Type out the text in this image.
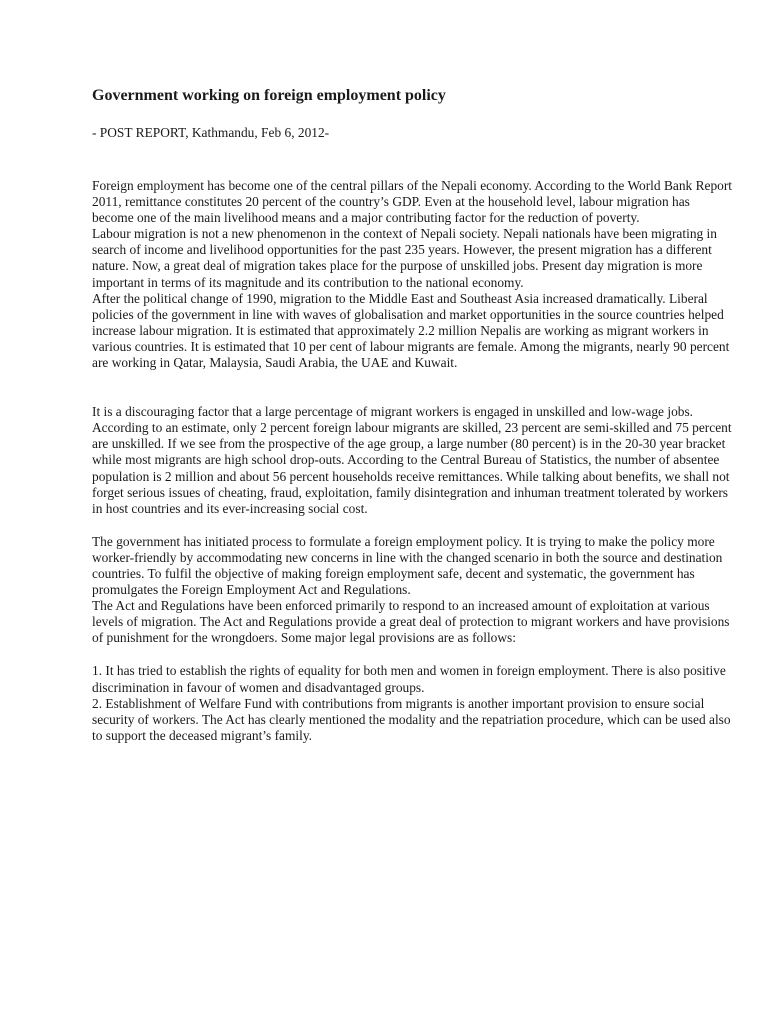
Government working on foreign employment policy

- POST REPORT, Kathmandu, Feb 6, 2012-

Foreign employment has become one of the central pillars of the Nepali economy. According to the World Bank Report 2011, remittance constitutes 20 percent of the country’s GDP. Even at the household level, labour migration has become one of the main livelihood means and a major contributing factor for the reduction of poverty.

Labour migration is not a new phenomenon in the context of Nepali society. Nepali nationals have been migrating in search of income and livelihood opportunities for the past 235 years. However, the present migration has a different nature. Now, a great deal of migration takes place for the purpose of unskilled jobs. Present day migration is more important in terms of its magnitude and its contribution to the national economy.

After the political change of 1990, migration to the Middle East and Southeast Asia increased dramatically. Liberal policies of the government in line with waves of globalisation and market opportunities in the source countries helped increase labour migration. It is estimated that approximately 2.2 million Nepalis are working as migrant workers in various countries. It is estimated that 10 per cent of labour migrants are female. Among the migrants, nearly 90 percent are working in Qatar, Malaysia, Saudi Arabia, the UAE and Kuwait.

It is a discouraging factor that a large percentage of migrant workers is engaged in unskilled and low-wage jobs. According to an estimate, only 2 percent foreign labour migrants are skilled, 23 percent are semi-skilled and 75 percent are unskilled. If we see from the prospective of the age group, a large number (80 percent) is in the 20-30 year bracket while most migrants are high school drop-outs. According to the Central Bureau of Statistics, the number of absentee population is 2 million and about 56 percent households receive remittances. While talking about benefits, we shall not forget serious issues of cheating, fraud, exploitation, family disintegration and inhuman treatment tolerated by workers in host countries and its ever-increasing social cost.

The government has initiated process to formulate a foreign employment policy. It is trying to make the policy more worker-friendly by accommodating new concerns in line with the changed scenario in both the source and destination countries. To fulfil the objective of making foreign employment safe, decent and systematic, the government has promulgates the Foreign Employment Act and Regulations.

The Act and Regulations have been enforced primarily to respond to an increased amount of exploitation at various levels of migration. The Act and Regulations provide a great deal of protection to migrant workers and have provisions of punishment for the wrongdoers. Some major legal provisions are as follows:

1. It has tried to establish the rights of equality for both men and women in foreign employment. There is also positive discrimination in favour of women and disadvantaged groups.

2. Establishment of Welfare Fund with contributions from migrants is another important provision to ensure social security of workers. The Act has clearly mentioned the modality and the repatriation procedure, which can be used also to support the deceased migrant’s family.
